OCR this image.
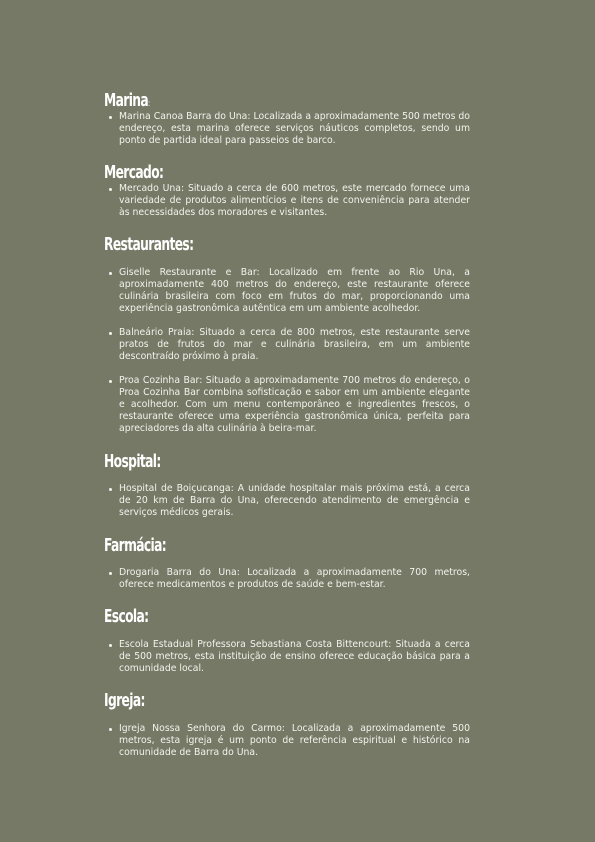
Marina:

Marina Canoa Barra do Una: Localizada a aproximadamente 500 metros do endereço, esta marina oferece serviços náuticos completos, sendo um ponto de partida ideal para passeios de barco.

Mercado:

Mercado Una: Situado a cerca de 600 metros, este mercado fornece uma variedade de produtos alimentícios e itens de conveniência para atender às necessidades dos moradores e visitantes.

Restaurantes:

Giselle Restaurante e Bar: Localizado em frente ao Rio Una, a aproximadamente 400 metros do endereço, este restaurante oferece culinária brasileira com foco em frutos do mar, proporcionando uma experiência gastronômica autêntica em um ambiente acolhedor.

Balneário Praia: Situado a cerca de 800 metros, este restaurante serve pratos de frutos do mar e culinária brasileira, em um ambiente descontraído próximo à praia.

Proa Cozinha Bar: Situado a aproximadamente 700 metros do endereço, o Proa Cozinha Bar combina sofisticação e sabor em um ambiente elegante e acolhedor. Com um menu contemporâneo e ingredientes frescos, o restaurante oferece uma experiência gastronômica única, perfeita para apreciadores da alta culinária à beira-mar.

Hospital:

Hospital de Boiçucanga: A unidade hospitalar mais próxima está, a cerca de 20 km de Barra do Una, oferecendo atendimento de emergência e serviços médicos gerais.

Farmácia:

Drogaria Barra do Una: Localizada a aproximadamente 700 metros, oferece medicamentos e produtos de saúde e bem-estar.

Escola:

Escola Estadual Professora Sebastiana Costa Bittencourt: Situada a cerca de 500 metros, esta instituição de ensino oferece educação básica para a comunidade local.

Igreja:

Igreja Nossa Senhora do Carmo: Localizada a aproximadamente 500 metros, esta igreja é um ponto de referência espiritual e histórico na comunidade de Barra do Una.
